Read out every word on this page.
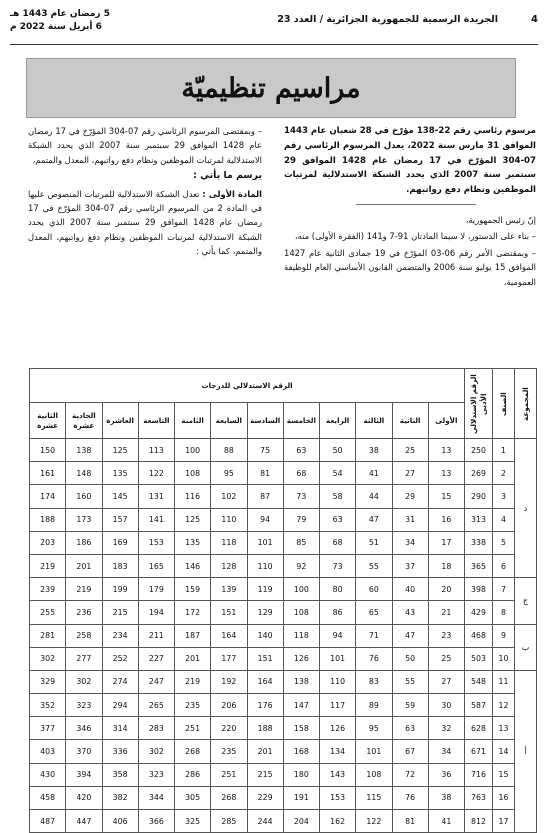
4
الجريدة الرسمية للجمهورية الجزائرية / العدد 23
5 رمضان عام 1443 هـ
6 أبريل سنة 2022 م
مراسيم تنظيميّة
مرسوم رئاسي رقم 22-138 مؤرّخ في 28 شعبان عام 1443 الموافق 31 مارس سنة 2022، يعدل المرسوم الرئاسي رقم 07-304 المؤرّخ في 17 رمضان عام 1428 الموافق 29 سبتمبر سنة 2007 الذي يحدد الشبكة الاستدلالية لمرتبات الموظفين ونظام دفع رواتبهم.
إنّ رئيس الجمهورية،
– بناء على الدستور، لا سيما المادتان 91-7 و141 (الفقرة الأولى) منه،
– وبمقتضى الأمر رقم 06-03 المؤرّخ في 19 جمادى الثانية عام 1427 الموافق 15 يوليو سنة 2006 والمتضمن القانون الأساسي العام للوظيفة العمومية،
– وبمقتضى المرسوم الرئاسي رقم 07-304 المؤرّخ في 17 رمضان عام 1428 الموافق 29 سبتمبر سنة 2007 الذي يحدد الشبكة الاستدلالية لمرتبات الموظفين ونظام دفع رواتبهم، المعدل والمتمم،
يرسم ما يأتي :
المادة الأولى : تعدل الشبكة الاستدلالية للمرتبات المنصوص عليها في المادة 2 من المرسوم الرئاسي رقم 07-304 المؤرّخ في 17 رمضان عام 1428 الموافق 29 سبتمبر سنة 2007 الذي يحدد الشبكة الاستدلالية لمرتبات الموظفين ونظام دفع رواتبهم، المعدل والمتمم، كما يأتي :
المجموعة	الصنف	الرقم الاستدلالي الأدنى	الرقم الاستدلالي للدرجات											
			الأولى	الثانية	الثالثة	الرابعة	الخامسة	السادسة	السابعة	الثامنة	التاسعة	العاشرة	الحادية عشرة	الثانية عشرة
د	1	250	13	25	38	50	63	75	88	100	113	125	138	150
	2	269	13	27	41	54	68	81	95	108	122	135	148	161
	3	290	15	29	44	58	73	87	102	116	131	145	160	174
	4	313	16	31	47	63	79	94	110	125	141	157	173	188
	5	338	17	34	51	68	85	101	118	135	153	169	186	203
	6	365	18	37	55	73	92	110	128	146	165	183	201	219
ج	7	398	20	40	60	80	100	119	139	159	179	199	219	239
	8	429	21	43	65	86	108	129	151	172	194	215	236	255
ب	9	468	23	47	71	94	118	140	164	187	211	234	258	281
	10	503	25	50	76	101	126	151	177	201	227	252	277	302
أ	11	548	27	55	83	110	138	164	192	219	247	274	302	329
	12	587	30	59	89	117	147	176	206	235	265	294	323	352
	13	628	32	63	95	126	158	188	220	251	283	314	346	377
	14	671	34	67	101	134	168	201	235	268	302	336	370	403
	15	716	36	72	108	143	180	215	251	286	323	358	394	430
	16	763	38	76	115	153	191	229	268	305	344	382	420	458
	17	812	41	81	122	162	204	244	285	325	366	406	447	487
